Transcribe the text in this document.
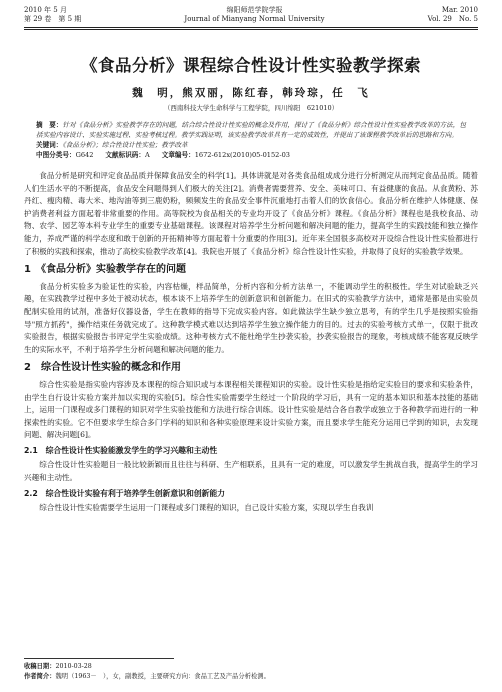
2010 年 5 月
第 29 卷　第 5 期
绵阳师范学院学报
Journal of Mianyang Normal University
Mar. 2010
Vol. 29　No. 5
《食品分析》课程综合性设计性实验教学探索
魏　明，熊双丽，陈红春，韩玲琮，任　飞
（西南科技大学生命科学与工程学院，四川绵阳　621010）
摘　要：针对《食品分析》实验教学存在的问题，结合综合性设计性实验的概念及作用，探讨了《食品分析》综合性设计性实验教学改革的方法，包括实验内容设计、实验实施过程、实验考核过程。教学实践证明，该实验教学改革具有一定的成效性，并提出了该课程教学改革后的思路和方向。
关键词：《食品分析》；综合性设计性实验；教学改革
中图分类号：G642 文献标识码：A 文章编号：1672-612x(2010)05-0152-03

食品分析是研究和评定食品品质并保障食品安全的科学[1]。具体讲就是对各类食品组成成分进行分析测定从而判定食品品质。随着人们生活水平的不断提高，食品安全问题得到人们极大的关注[2]。消费者需要营养、安全、美味可口、有益健康的食品。从食黄粉、苏丹红、瘦肉精、毒大米、地沟油等到三鹿奶粉，频频发生的食品安全事件沉重地打击着人们的饮食信心。食品分析在维护人体健康、保护消费者利益方面起着非常重要的作用。高等院校为食品相关的专业均开设了《食品分析》课程。《食品分析》课程也是我校食品、动物、农学、园艺等本科专业学生的重要专业基础课程。该课程对培养学生分析问题和解决问题的能力，提高学生的实践技能和独立操作能力，养成严谨的科学态度和敢于创新的开拓精神等方面起着十分重要的作用[3]。近年来全国很多高校对开设综合性设计性实验都进行了积极的实践和探索，推动了高校实验教学改革[4]。我院也开展了《食品分析》综合性设计性实验，并取得了良好的实验教学效果。

1　《食品分析》实验教学存在的问题

食品分析实验多为验证性的实验，内容枯燥，样品简单，分析内容和分析方法单一，不能调动学生的积极性。学生对试验缺乏兴趣，在实践教学过程中多处于被动状态，根本谈不上培养学生的创新意识和创新能力。在旧式的实验教学方法中，通常是都是由实验员配制实验用的试剂，准备好仪器设备，学生在教师的指导下完成实验内容。如此做法学生缺少独立思考，有的学生几乎是按照实验指导"照方抓药"，操作结束任务就完成了。这种教学模式难以达到培养学生独立操作能力的目的。过去的实验考核方式单一，仅限于批改实验报告，根据实验报告书评定学生实验成绩。这种考核方式不能杜绝学生抄袭实验，抄袭实验报告的现象，考核成绩不能客观反映学生的实际水平，不利于培养学生分析问题和解决问题的能力。

2　综合性设计性实验的概念和作用

综合性实验是指实验内容涉及本课程的综合知识或与本课程相关课程知识的实验。设计性实验是指给定实验目的要求和实验条件，由学生自行设计实验方案并加以实现的实验[5]。综合性实验需要学生经过一个阶段的学习后，具有一定的基本知识和基本技能的基础上，运用一门课程或多门课程的知识对学生实验技能和方法进行综合训练。设计性实验是结合各自教学或独立于各种教学而进行的一种探索性的实验。它不但要求学生综合多门学科的知识和各种实验原理来设计实验方案，而且要求学生能充分运用已学到的知识，去发现问题、解决问题[6]。

2.1　综合性设计性实验能激发学生的学习兴趣和主动性

综合性设计性实验题目一般比较新颖而且往往与科研、生产相联系，且具有一定的难度，可以激发学生挑战自我，提高学生的学习兴趣和主动性。

2.2　综合性设计实验有利于培养学生创新意识和创新能力

综合性设计性实验需要学生运用一门课程或多门课程的知识，自己设计实验方案，实现以学生自我训

收稿日期：2010-03-28
作者简介：魏明（1963－　），女，副教授，主要研究方向：食品工艺及产品分析检测。
